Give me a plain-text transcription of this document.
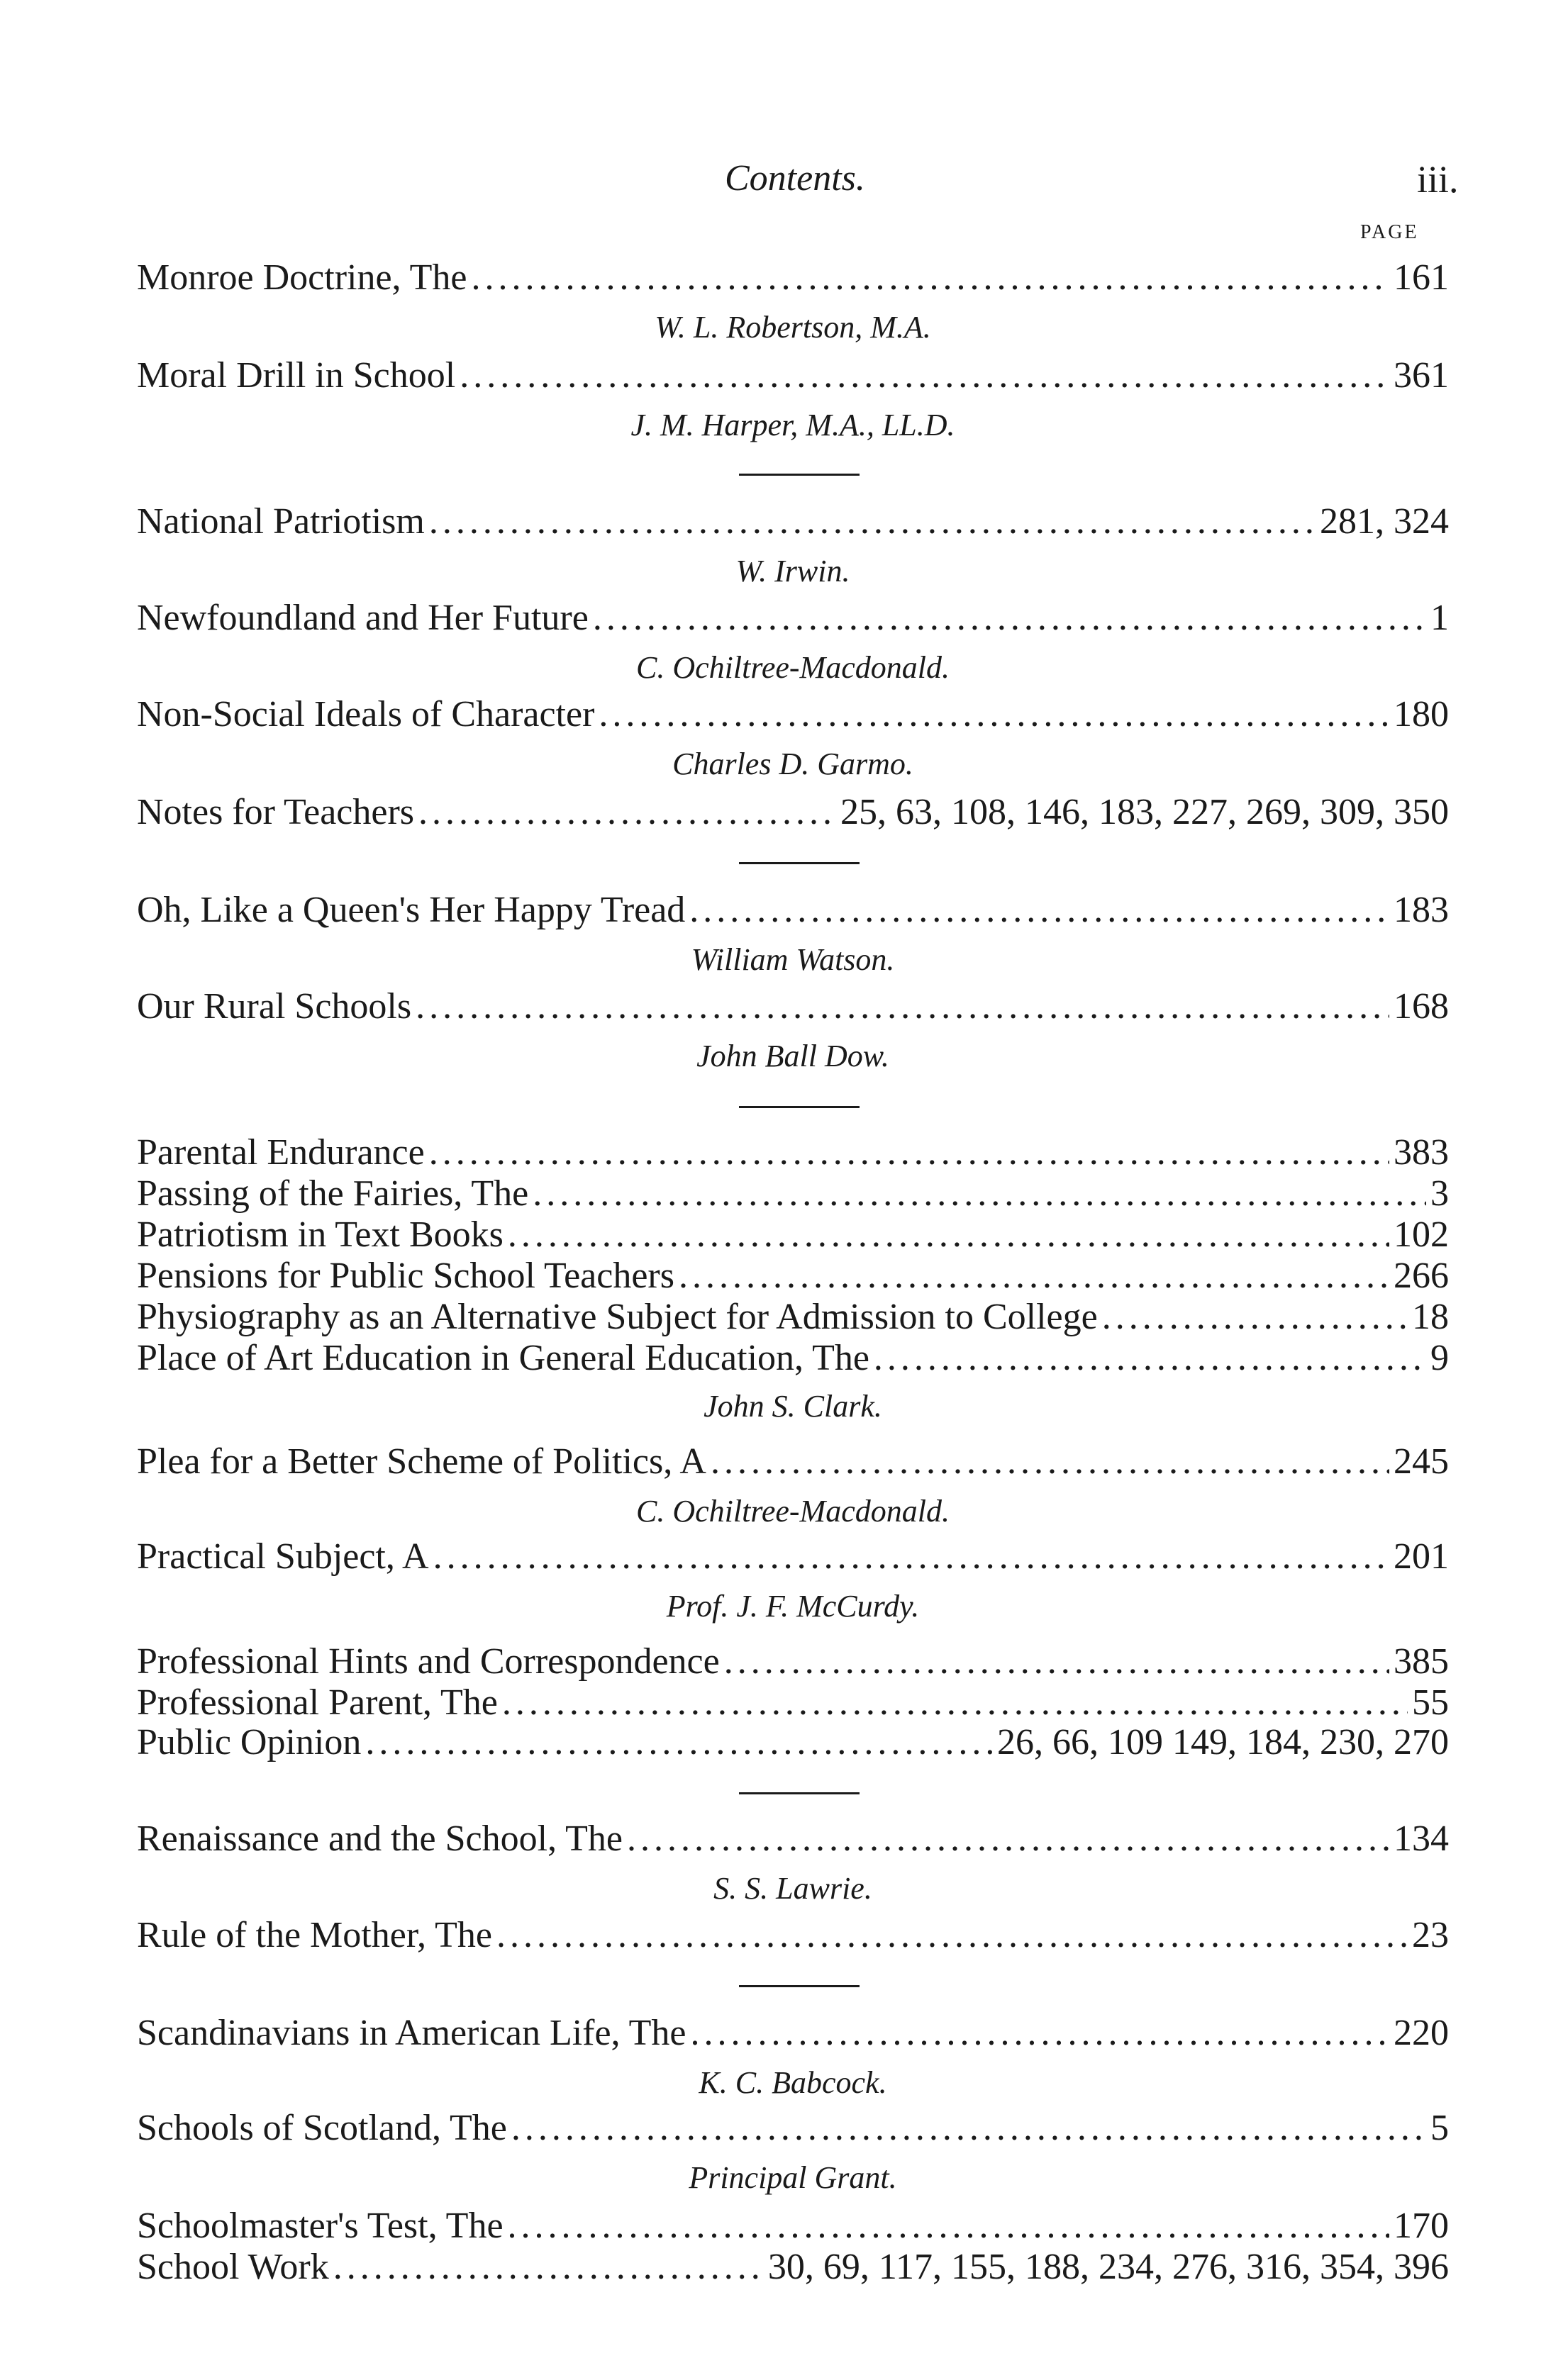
Contents.	iii.
PAGE
Monroe Doctrine, The .....	161
W. L. Robertson, M.A.
Moral Drill in School .....	361
J. M. Harper, M.A., LL.D.
National Patriotism .....	281, 324
W. Irwin.
Newfoundland and Her Future .....	1
C. Ochiltree-Macdonald.
Non-Social Ideals of Character .....	180
Charles D. Garmo.
Notes for Teachers .....	25, 63, 108, 146, 183, 227, 269, 309, 350
Oh, Like a Queen's Her Happy Tread .....	183
William Watson.
Our Rural Schools .....	168
John Ball Dow.
Parental Endurance .....	383
Passing of the Fairies, The .....	3
Patriotism in Text Books .....	102
Pensions for Public School Teachers .....	266
Physiography as an Alternative Subject for Admission to College .....	18
Place of Art Education in General Education, The .....	9
John S. Clark.
Plea for a Better Scheme of Politics, A .....	245
C. Ochiltree-Macdonald.
Practical Subject, A .....	201
Prof. J. F. McCurdy.
Professional Hints and Correspondence .....	385
Professional Parent, The .....	55
Public Opinion .....	26, 66, 109 149, 184, 230, 270
Renaissance and the School, The .....	134
S. S. Lawrie.
Rule of the Mother, The .....	23
Scandinavians in American Life, The .....	220
K. C. Babcock.
Schools of Scotland, The .....	5
Principal Grant.
Schoolmaster's Test, The .....	170
School Work .....	30, 69, 117, 155, 188, 234, 276, 316, 354, 396
